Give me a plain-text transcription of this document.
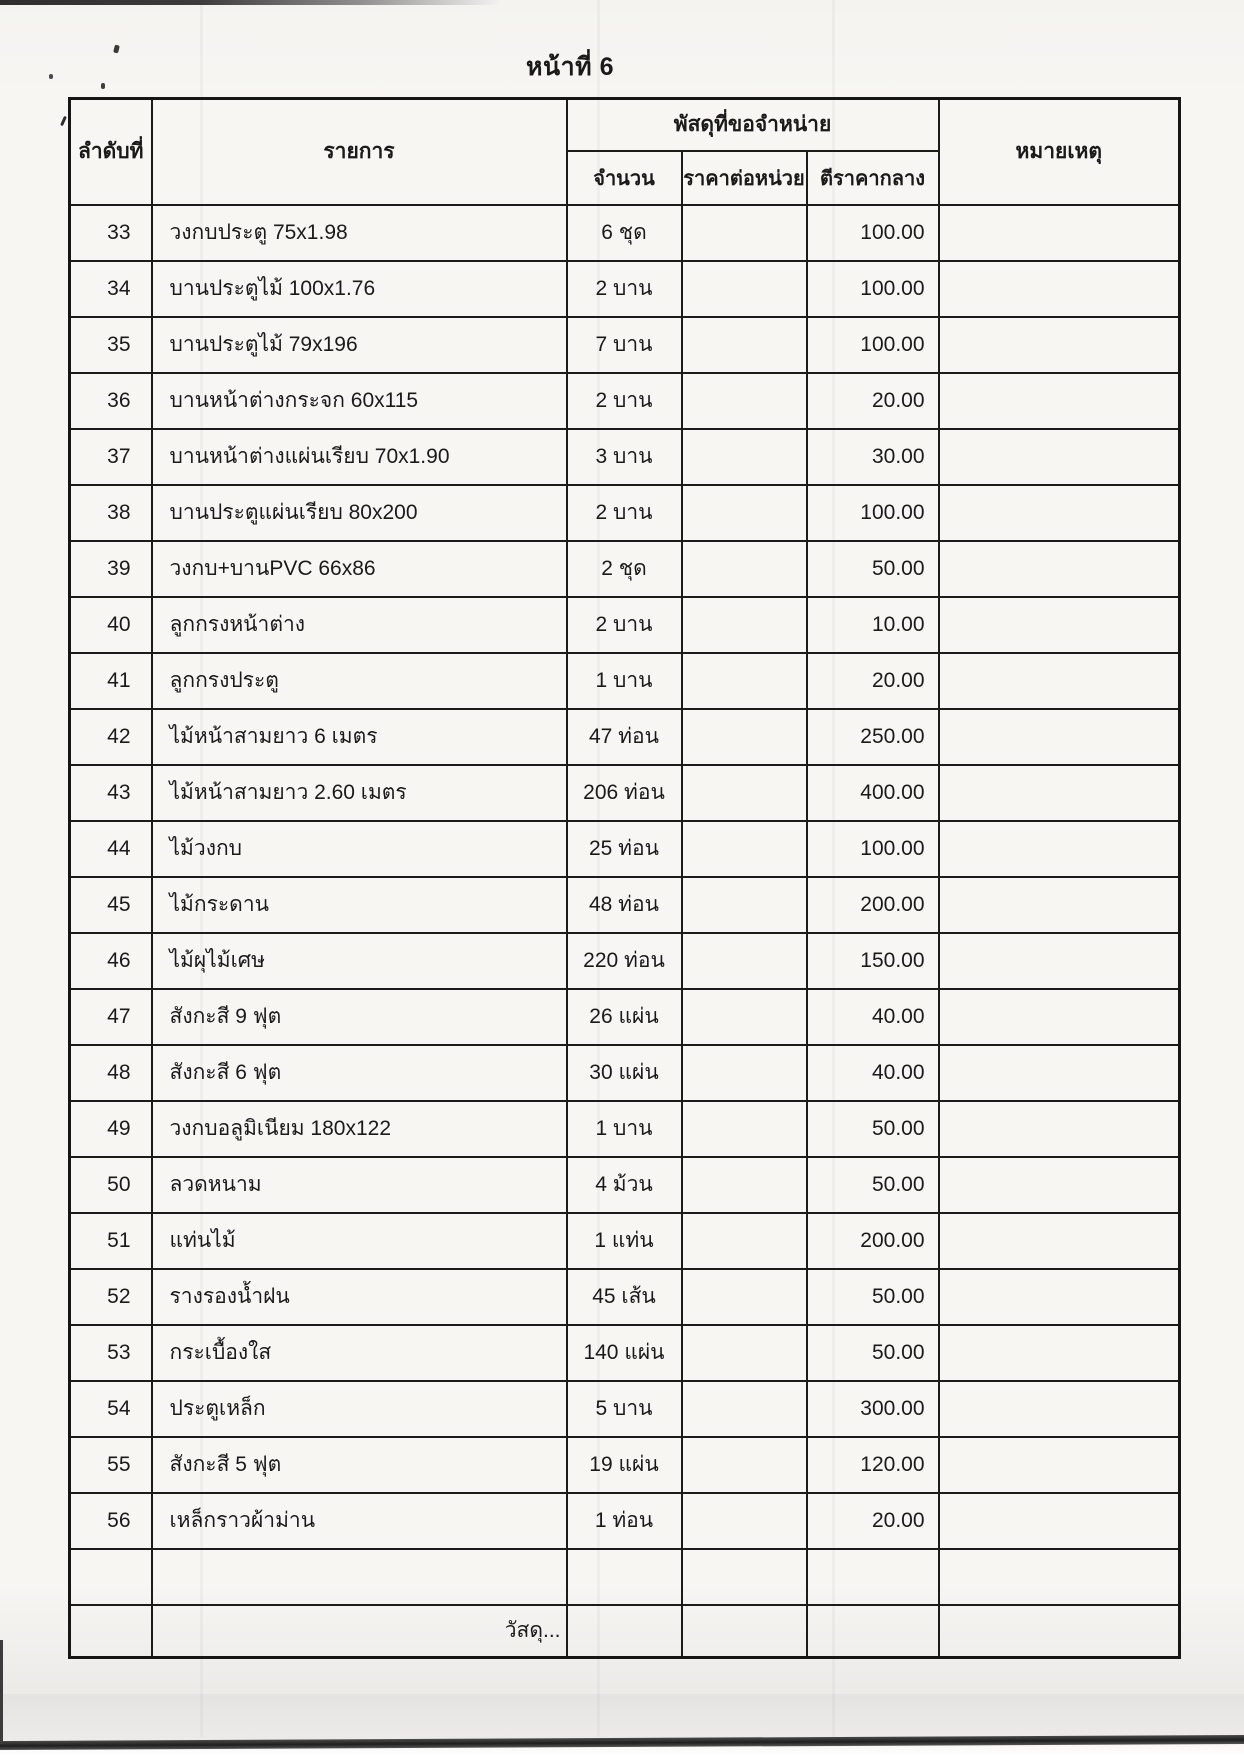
หน้าที่ 6
ลำดับที่	รายการ	พัสดุที่ขอจำหน่าย			หมายเหตุ
		จำนวน	ราคาต่อหน่วย	ตีราคากลาง	
33	วงกบประตู 75x1.98	6 ชุด		100.00	
34	บานประตูไม้ 100x1.76	2 บาน		100.00	
35	บานประตูไม้ 79x196	7 บาน		100.00	
36	บานหน้าต่างกระจก 60x115	2 บาน		20.00	
37	บานหน้าต่างแผ่นเรียบ 70x1.90	3 บาน		30.00	
38	บานประตูแผ่นเรียบ 80x200	2 บาน		100.00	
39	วงกบ+บานPVC 66x86	2 ชุด		50.00	
40	ลูกกรงหน้าต่าง	2 บาน		10.00	
41	ลูกกรงประตู	1 บาน		20.00	
42	ไม้หน้าสามยาว 6 เมตร	47 ท่อน		250.00	
43	ไม้หน้าสามยาว 2.60 เมตร	206 ท่อน		400.00	
44	ไม้วงกบ	25 ท่อน		100.00	
45	ไม้กระดาน	48 ท่อน		200.00	
46	ไม้ผุไม้เศษ	220 ท่อน		150.00	
47	สังกะสี 9 ฟุต	26 แผ่น		40.00	
48	สังกะสี 6 ฟุต	30 แผ่น		40.00	
49	วงกบอลูมิเนียม 180x122	1 บาน		50.00	
50	ลวดหนาม	4 ม้วน		50.00	
51	แท่นไม้	1 แท่น		200.00	
52	รางรองน้ำฝน	45 เส้น		50.00	
53	กระเบื้องใส	140 แผ่น		50.00	
54	ประตูเหล็ก	5 บาน		300.00	
55	สังกะสี 5 ฟุต	19 แผ่น		120.00	
56	เหล็กราวผ้าม่าน	1 ท่อน		20.00	

	วัสดุ...				
